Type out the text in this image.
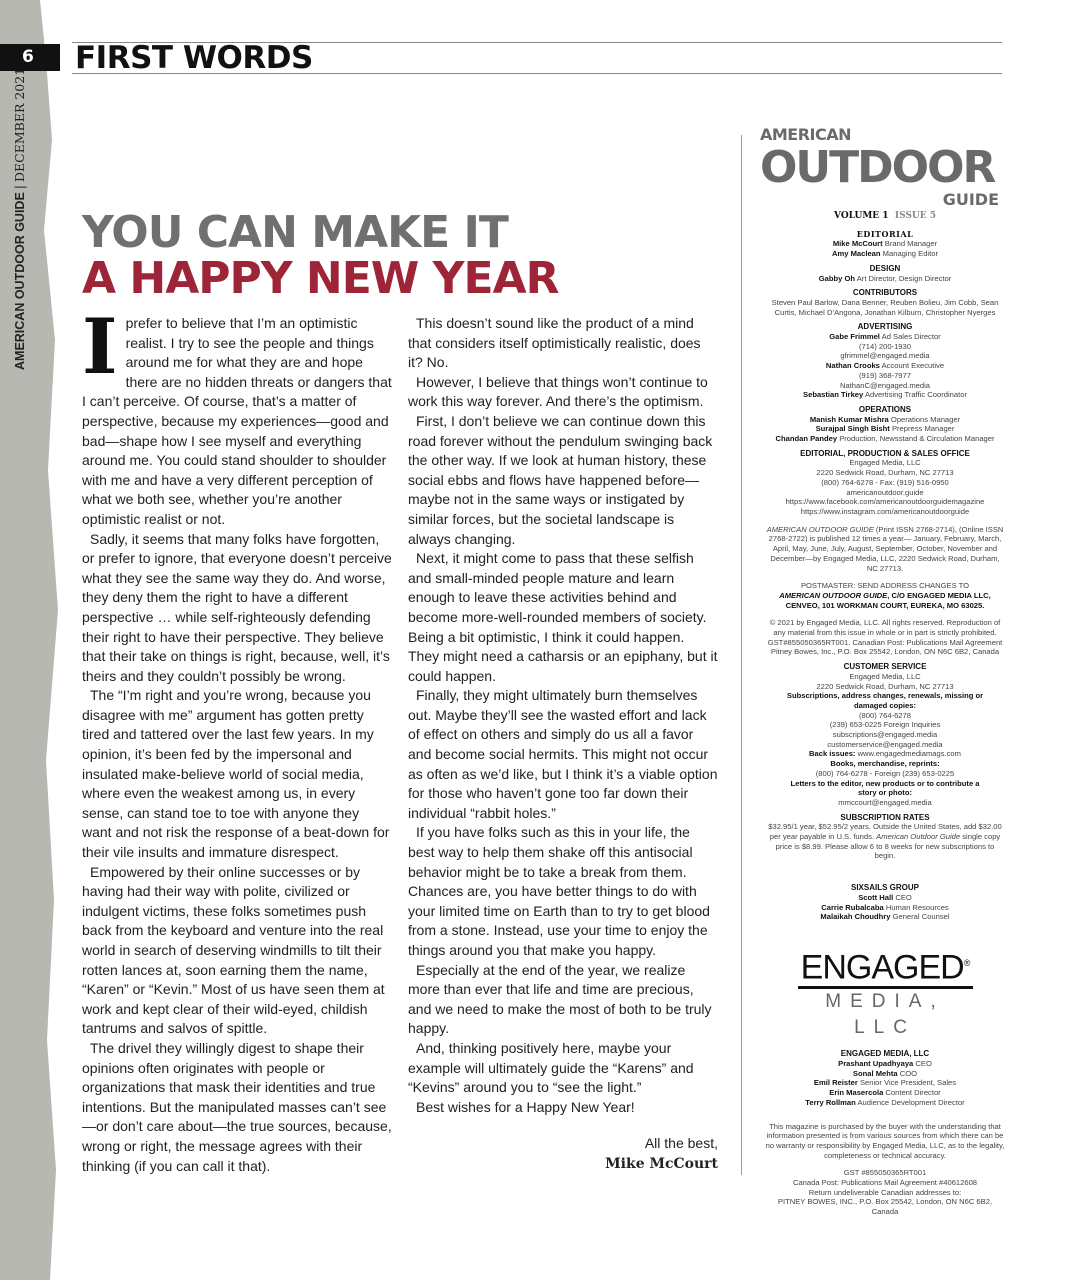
6
AMERICAN OUTDOOR GUIDE | DECEMBER 2021
FIRST WORDS
YOU CAN MAKE IT
A HAPPY NEW YEAR

Iprefer to believe that I’m an optimistic realist. I try to see the people and things around me for what they are and hope there are no hidden threats or dangers that I can’t perceive. Of course, that’s a matter of perspective, because my experiences—good and bad—shape how I see myself and everything around me. You could stand shoulder to shoulder with me and have a very different perception of what we both see, whether you’re another optimistic realist or not.

Sadly, it seems that many folks have forgotten, or prefer to ignore, that everyone doesn’t perceive what they see the same way they do. And worse, they deny them the right to have a different perspective … while self-righteously defending their right to have their perspective. They believe that their take on things is right, because, well, it’s theirs and they couldn’t possibly be wrong.

The “I’m right and you’re wrong, because you disagree with me” argument has gotten pretty tired and tattered over the last few years. In my opinion, it’s been fed by the impersonal and insulated make-believe world of social media, where even the weakest among us, in every sense, can stand toe to toe with anyone they want and not risk the response of a beat-down for their vile insults and immature disrespect.

Empowered by their online successes or by having had their way with polite, civilized or indulgent victims, these folks sometimes push back from the keyboard and venture into the real world in search of deserving windmills to tilt their rotten lances at, soon earning them the name, “Karen” or “Kevin.” Most of us have seen them at work and kept clear of their wild-eyed, childish tantrums and salvos of spittle.

The drivel they willingly digest to shape their opinions often originates with people or organizations that mask their identities and true intentions. But the manipulated masses can’t see—or don’t care about—the true sources, because, wrong or right, the message agrees with their thinking (if you can call it that).

This doesn’t sound like the product of a mind that considers itself optimistically realistic, does it? No.

However, I believe that things won’t continue to work this way forever. And there’s the optimism.

First, I don’t believe we can continue down this road forever without the pendulum swinging back the other way. If we look at human history, these social ebbs and flows have happened before—maybe not in the same ways or instigated by similar forces, but the societal landscape is always changing.

Next, it might come to pass that these selfish and small-minded people mature and learn enough to leave these activities behind and become more-well-rounded members of society. Being a bit optimistic, I think it could happen. They might need a catharsis or an epiphany, but it could happen.

Finally, they might ultimately burn themselves out. Maybe they’ll see the wasted effort and lack of effect on others and simply do us all a favor and become social hermits. This might not occur as often as we’d like, but I think it’s a viable option for those who haven’t gone too far down their individual “rabbit holes.”

If you have folks such as this in your life, the best way to help them shake off this antisocial behavior might be to take a break from them. Chances are, you have better things to do with your limited time on Earth than to try to get blood from a stone. Instead, use your time to enjoy the things around you that make you happy.

Especially at the end of the year, we realize more than ever that life and time are precious, and we need to make the most of both to be truly happy.

And, thinking positively here, maybe your example will ultimately guide the “Karens” and “Kevins” around you to “see the light.”

Best wishes for a Happy New Year!

All the best,
Mike McCourt
AMERICAN
OUTDOOR
GUIDE
VOLUME 1 ISSUE 5
EDITORIAL
Mike McCourt Brand Manager
Amy Maclean Managing Editor
DESIGN
Gabby Oh Art Director, Design Director
CONTRIBUTORS
Steven Paul Barlow, Dana Benner, Reuben Bolieu, Jim Cobb, Sean Curtis, Michael D’Angona, Jonathan Kilburn, Christopher Nyerges
ADVERTISING
Gabe Frimmel Ad Sales Director
(714) 200-1930
gfrimmel@engaged.media
Nathan Crooks Account Executive
(919) 368-7977
NathanC@engaged.media
Sebastian Tirkey Advertising Traffic Coordinator
OPERATIONS
Manish Kumar Mishra Operations Manager
Surajpal Singh Bisht Prepress Manager
Chandan Pandey Production, Newsstand & Circulation Manager
EDITORIAL, PRODUCTION & SALES OFFICE
Engaged Media, LLC
2220 Sedwick Road, Durham, NC 27713
(800) 764-6278 - Fax: (919) 516-0950
americanoutdoor.guide
https://www.facebook.com/americanoutdoorguidemagazine
https://www.instagram.com/americanoutdoorguide
AMERICAN OUTDOOR GUIDE (Print ISSN 2768-2714), (Online ISSN 2768-2722) is published 12 times a year— January, February, March, April, May, June, July, August, September, October, November and December—by Engaged Media, LLC, 2220 Sedwick Road, Durham, NC 27713.
POSTMASTER: SEND ADDRESS CHANGES TO
AMERICAN OUTDOOR GUIDE, C/O ENGAGED MEDIA LLC, CENVEO, 101 WORKMAN COURT, EUREKA, MO 63025.
© 2021 by Engaged Media, LLC. All rights reserved. Reproduction of any material from this issue in whole or in part is strictly prohibited. GST#855050365RT001. Canadian Post: Publications Mail Agreement Pitney Bowes, Inc., P.O. Box 25542, London, ON N6C 6B2, Canada
CUSTOMER SERVICE
Engaged Media, LLC
2220 Sedwick Road, Durham, NC 27713
Subscriptions, address changes, renewals, missing or damaged copies:
(800) 764-6278
(239) 653-0225 Foreign Inquiries
subscriptions@engaged.media
customerservice@engaged.media
Back issues: www.engagedmediamags.com
Books, merchandise, reprints:
(800) 764-6278 - Foreign (239) 653-0225
Letters to the editor, new products or to contribute a story or photo:
mmccourt@engaged.media
SUBSCRIPTION RATES
$32.95/1 year, $52.95/2 years. Outside the United States, add $32.00 per year payable in U.S. funds. American Outdoor Guide single copy price is $8.99. Please allow 6 to 8 weeks for new subscriptions to begin.
SIXSAILS GROUP
Scott Hall CEO
Carrie Rubalcaba Human Resources
Malaikah Choudhry General Counsel
ENGAGED®
MEDIA, LLC
ENGAGED MEDIA, LLC
Prashant Upadhyaya CEO
Sonal Mehta COO
Emil Reister Senior Vice President, Sales
Erin Masercola Content Director
Terry Rollman Audience Development Director
This magazine is purchased by the buyer with the understanding that information presented is from various sources from which there can be no warranty or responsibility by Engaged Media, LLC, as to the legality, completeness or technical accuracy.
GST #855050365RT001
Canada Post: Publications Mail Agreement #40612608
Return undeliverable Canadian addresses to:
PITNEY BOWES, INC., P.O. Box 25542, London, ON N6C 6B2, Canada
